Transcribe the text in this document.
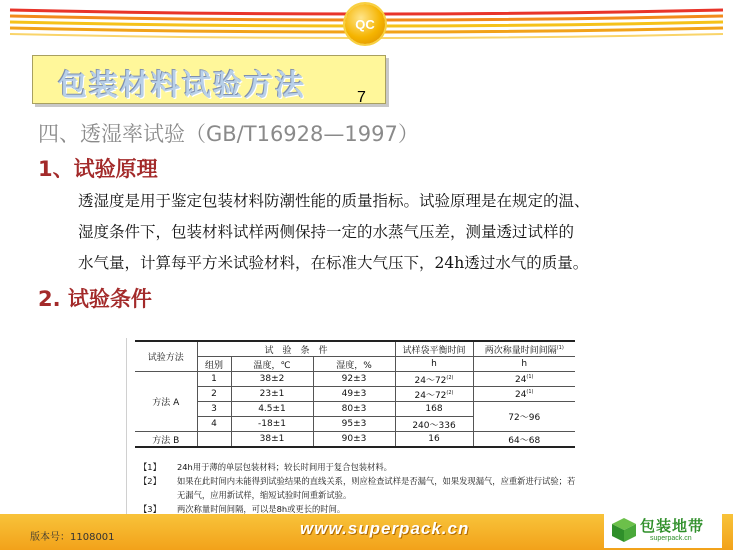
QC
包装材料试验方法	7
四、透湿率试验（GB/T16928—1997）
1、试验原理
透湿度是用于鉴定包装材料防潮性能的质量指标。试验原理是在规定的温、
湿度条件下，包装材料试样两侧保持一定的水蒸气压差，测量透过试样的
水气量，计算每平方米试验材料，在标准大气压下，24h透过水气的质量。
2. 试验条件
试验方法	试　验　条　件			试样袋平衡时间	两次称量时间间隔$^{(1)}$
	组别	温度，℃	湿度，%	h	h
方法 A	1	38±2	92±3	24～72$^{(2)}$	24$^{(1)}$
	2	23±1	49±3	24～72$^{(2)}$	24$^{(1)}$
	3	4.5±1	80±3	168	72～96
	4	-18±1	95±3	240～336	
方法 B		38±1	90±3	16	64～68
【1】 24h用于薄的单层包装材料；较长时间用于复合包装材料。
【2】 如果在此时间内未能得到试验结果的直线关系，则应检查试样是否漏气，如果发现漏气，应重新进行试验；若无漏气，应用新试样，缩短试验时间重新试验。
【3】 两次称量时间间隔，可以是8h或更长的时间。
版本号：1108001	www.superpack.cn	包装地带
superpack.cn
